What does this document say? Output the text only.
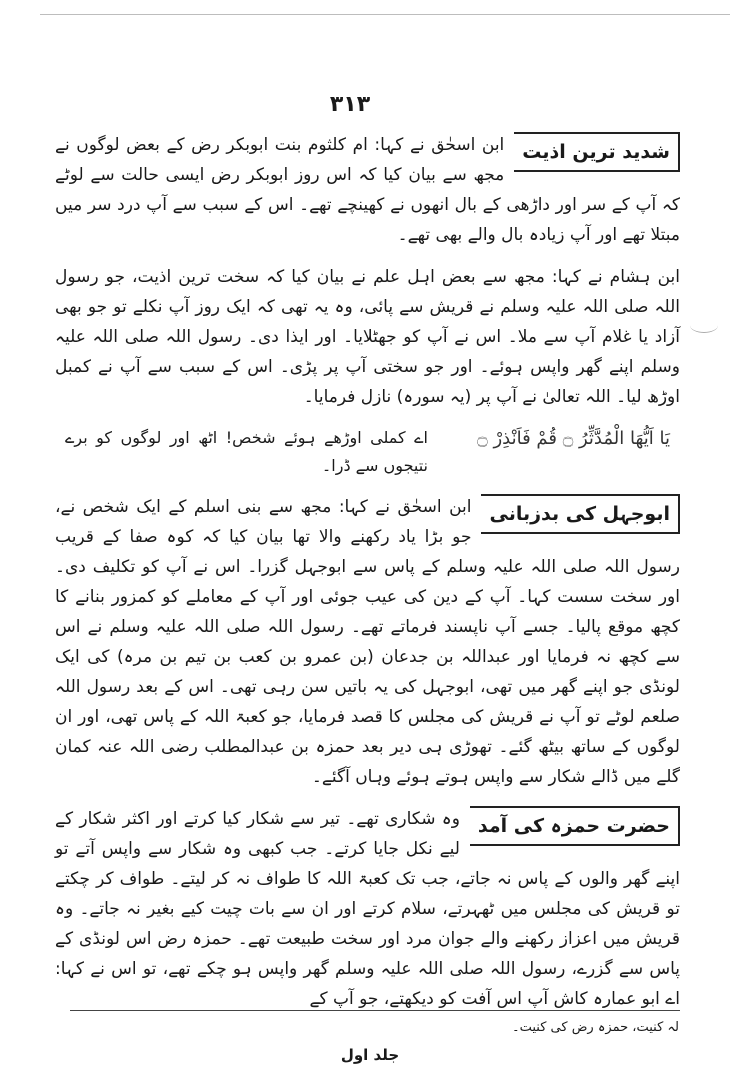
٣١٣
شدید ترین اذیت

ابن اسحٰق نے کہا: ام کلثوم بنت ابوبکر رض کے بعض لوگوں نے مجھ سے بیان کیا کہ اس روز ابوبکر رض ایسی حالت سے لوٹے کہ آپ کے سر اور داڑھی کے بال انھوں نے کھینچے تھے۔ اس کے سبب سے آپ درد سر میں مبتلا تھے اور آپ زیادہ بال والے بھی تھے۔

ابن ہشام نے کہا: مجھ سے بعض اہل علم نے بیان کیا کہ سخت ترین اذیت، جو رسول اللہ صلی اللہ علیہ وسلم نے قریش سے پائی، وہ یہ تھی کہ ایک روز آپ نکلے تو جو بھی آزاد یا غلام آپ سے ملا۔ اس نے آپ کو جھٹلایا۔ اور ایذا دی۔ رسول اللہ صلی اللہ علیہ وسلم اپنے گھر واپس ہوئے۔ اور جو سختی آپ پر پڑی۔ اس کے سبب سے آپ نے کمبل اوڑھ لیا۔ اللہ تعالیٰ نے آپ پر (یہ سورہ) نازل فرمایا۔

یَا اَیُّهَا الْمُدَّثِّرُ ۝ قُمْ فَاَنْذِرْ ۝
اے کملی اوڑھے ہوئے شخص! اٹھ اور لوگوں کو برے نتیجوں سے ڈرا۔
ابوجہل کی بدزبانی

ابن اسحٰق نے کہا: مجھ سے بنی اسلم کے ایک شخص نے، جو بڑا یاد رکھنے والا تھا بیان کیا کہ کوہ صفا کے قریب رسول اللہ صلی اللہ علیہ وسلم کے پاس سے ابوجہل گزرا۔ اس نے آپ کو تکلیف دی۔ اور سخت سست کہا۔ آپ کے دین کی عیب جوئی اور آپ کے معاملے کو کمزور بنانے کا کچھ موقع پالیا۔ جسے آپ ناپسند فرماتے تھے۔ رسول اللہ صلی اللہ علیہ وسلم نے اس سے کچھ نہ فرمایا اور عبداللہ بن جدعان (بن عمرو بن کعب بن تیم بن مرہ) کی ایک لونڈی جو اپنے گھر میں تھی، ابوجہل کی یہ باتیں سن رہی تھی۔ اس کے بعد رسول اللہ صلعم لوٹے تو آپ نے قریش کی مجلس کا قصد فرمایا، جو کعبۃ اللہ کے پاس تھی، اور ان لوگوں کے ساتھ بیٹھ گئے۔ تھوڑی ہی دیر بعد حمزہ بن عبدالمطلب رضی اللہ عنہ کمان گلے میں ڈالے شکار سے واپس ہوتے ہوئے وہاں آگئے۔

حضرت حمزہ کی آمد

وہ شکاری تھے۔ تیر سے شکار کیا کرتے اور اکثر شکار کے لیے نکل جایا کرتے۔ جب کبھی وہ شکار سے واپس آتے تو اپنے گھر والوں کے پاس نہ جاتے، جب تک کعبۃ اللہ کا طواف نہ کر لیتے۔ طواف کر چکتے تو قریش کی مجلس میں ٹھہرتے، سلام کرتے اور ان سے بات چیت کیے بغیر نہ جاتے۔ وہ قریش میں اعزاز رکھنے والے جوان مرد اور سخت طبیعت تھے۔ حمزہ رض اس لونڈی کے پاس سے گزرے، رسول اللہ صلی اللہ علیہ وسلم گھر واپس ہو چکے تھے، تو اس نے کہا: اے ابو عمارہ کاش آپ اس آفت کو دیکھتے، جو آپ کے

لہ کنیت، حمزہ رض کی کنیت۔
جلد اول
